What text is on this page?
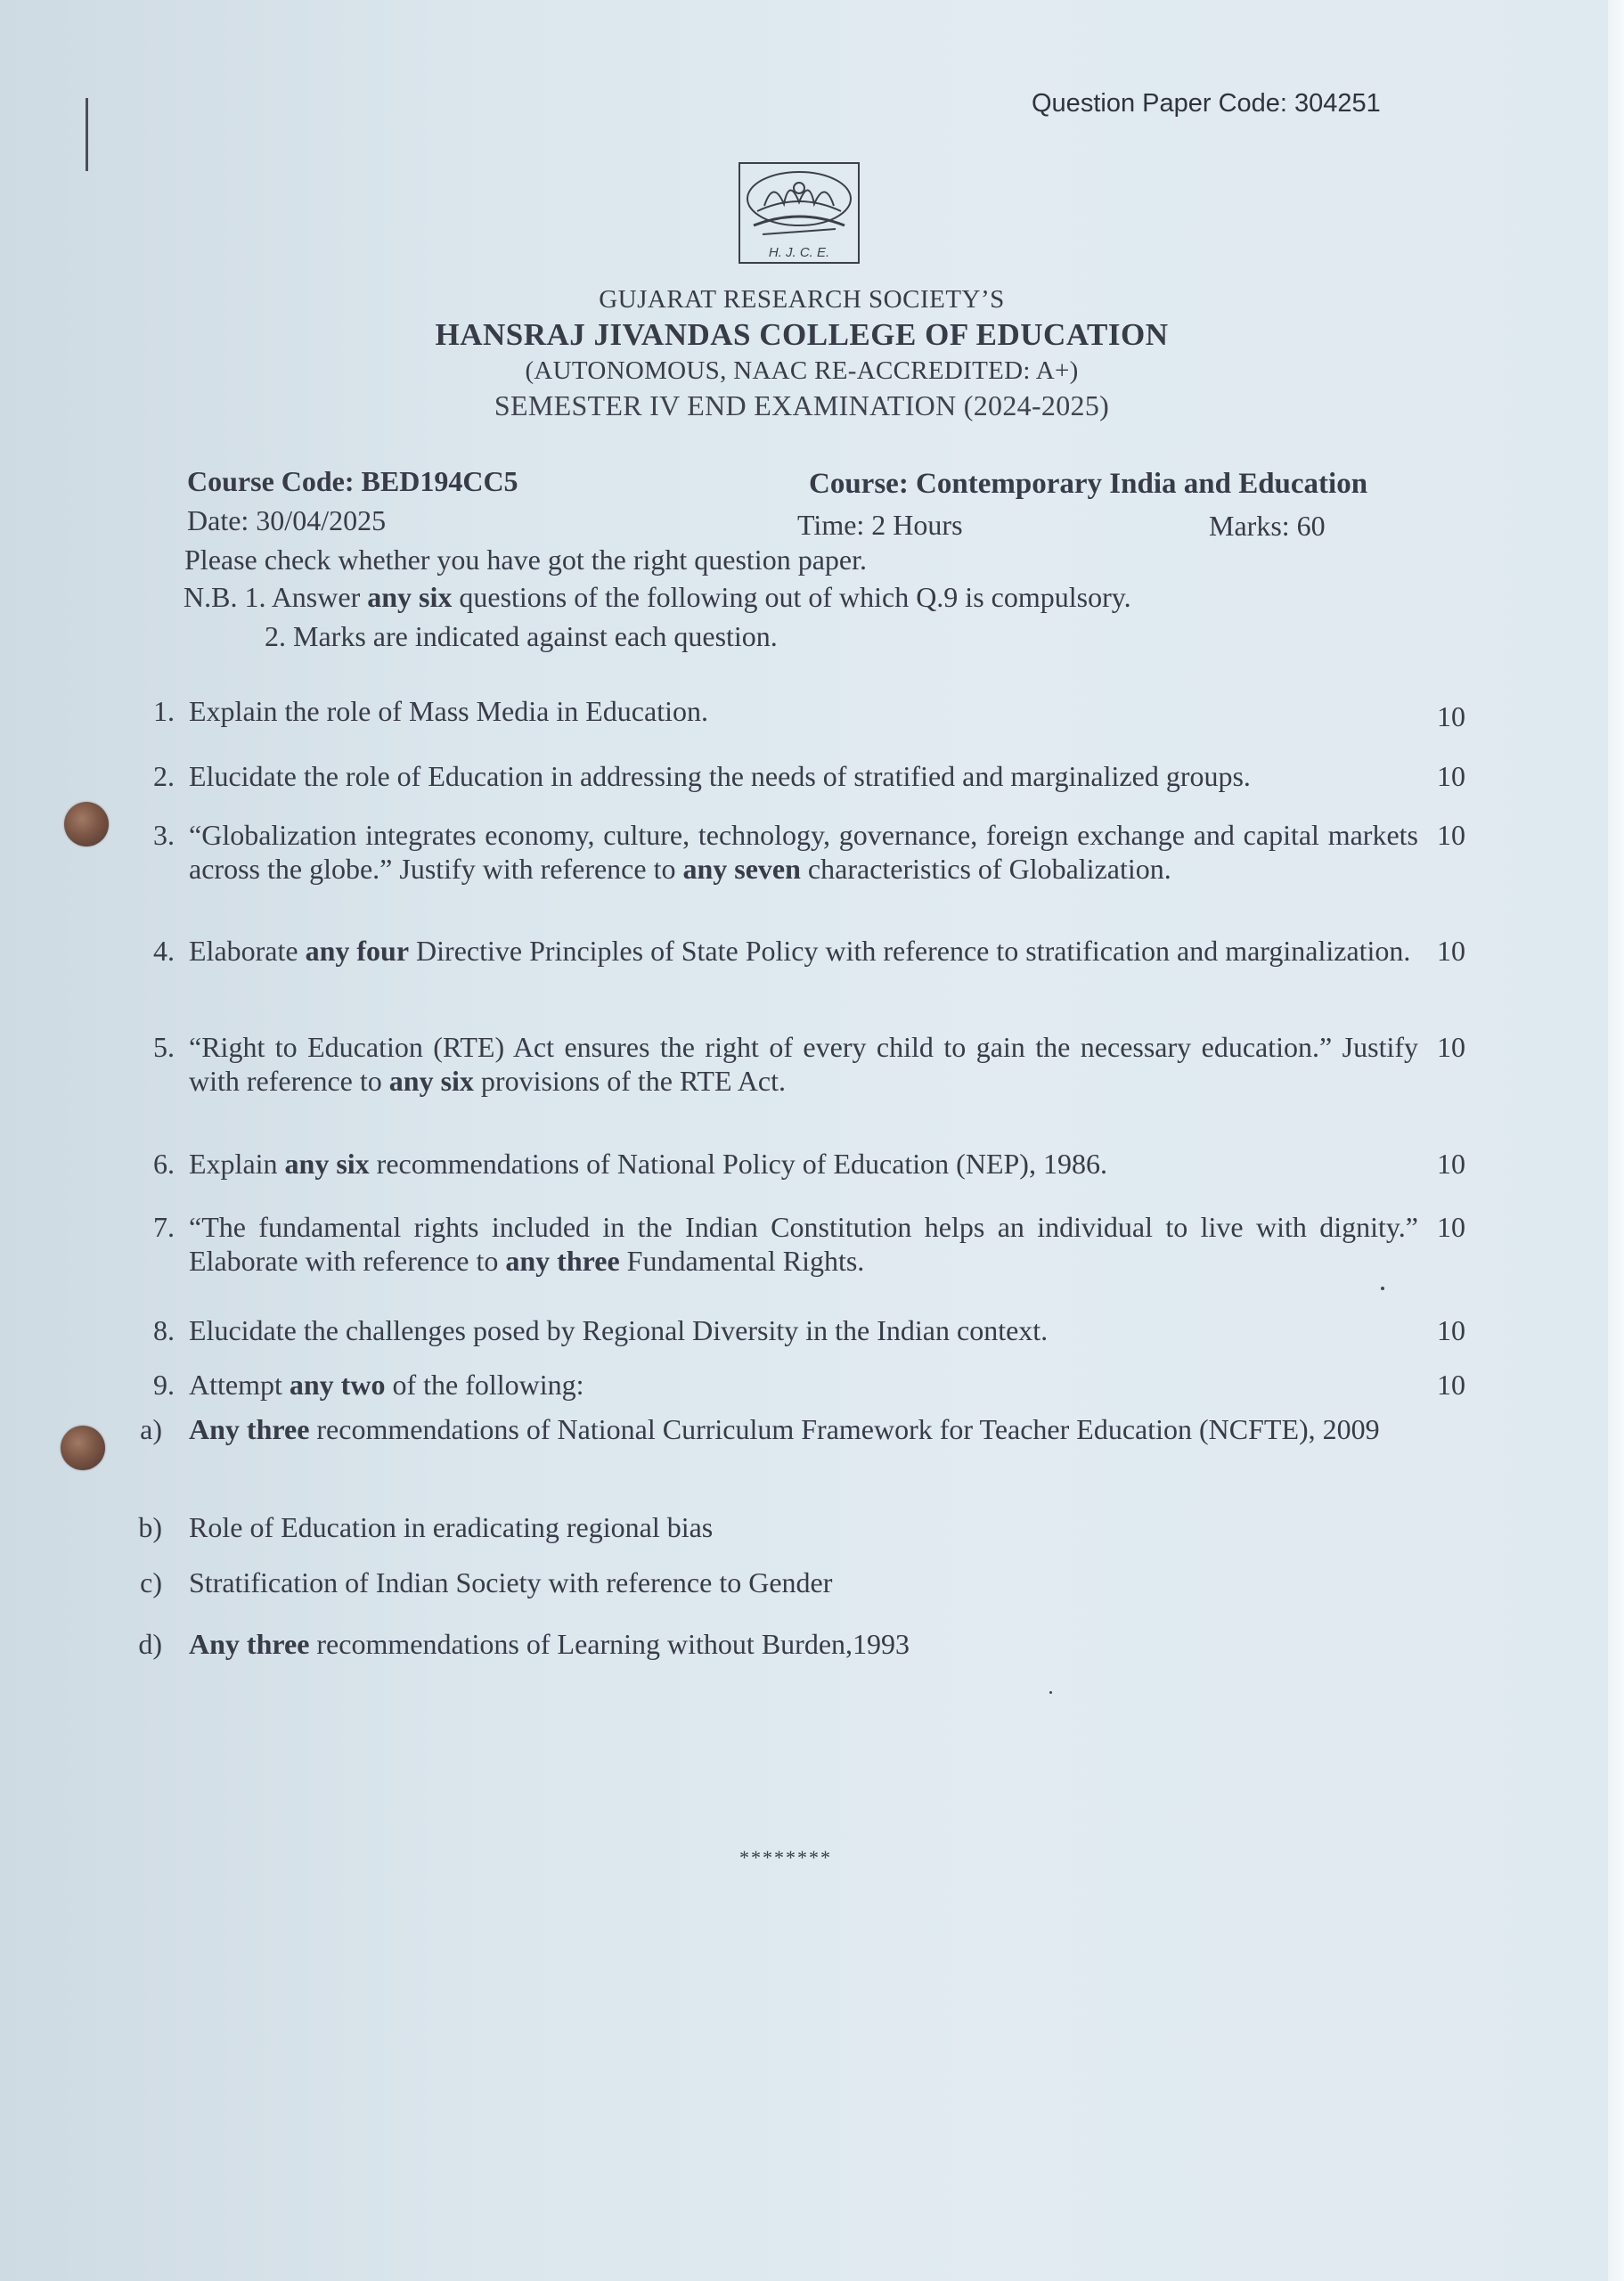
Question Paper Code: 304251
H. J. C. E.
GUJARAT RESEARCH SOCIETY’S
HANSRAJ JIVANDAS COLLEGE OF EDUCATION
(AUTONOMOUS, NAAC RE-ACCREDITED: A+)
SEMESTER IV END EXAMINATION (2024-2025)
Course Code: BED194CC5	Course: Contemporary India and Education
Date: 30/04/2025	Time: 2 Hours	Marks: 60
Please check whether you have got the right question paper.
N.B. 1. Answer any six questions of the following out of which Q.9 is compulsory.
2. Marks are indicated against each question.
1. Explain the role of Mass Media in Education.	10
2. Elucidate the role of Education in addressing the needs of stratified and marginalized groups.	10
3. “Globalization integrates economy, culture, technology, governance, foreign exchange and capital markets across the globe.” Justify with reference to any seven characteristics of Globalization.
10
4. Elaborate any four Directive Principles of State Policy with reference to stratification and marginalization. 10
5. “Right to Education (RTE) Act ensures the right of every child to gain the necessary education.” Justify with reference to any six provisions of the RTE Act.
10
6. Explain any six recommendations of National Policy of Education (NEP), 1986.	10
7. “The fundamental rights included in the Indian Constitution helps an individual to live with dignity.” Elaborate with reference to any three Fundamental Rights.
10
8. Elucidate the challenges posed by Regional Diversity in the Indian context.	10
9. Attempt any two of the following:	10
a) Any three recommendations of National Curriculum Framework for Teacher Education (NCFTE), 2009
b) Role of Education in eradicating regional bias
c) Stratification of Indian Society with reference to Gender
d) Any three recommendations of Learning without Burden,1993
********
